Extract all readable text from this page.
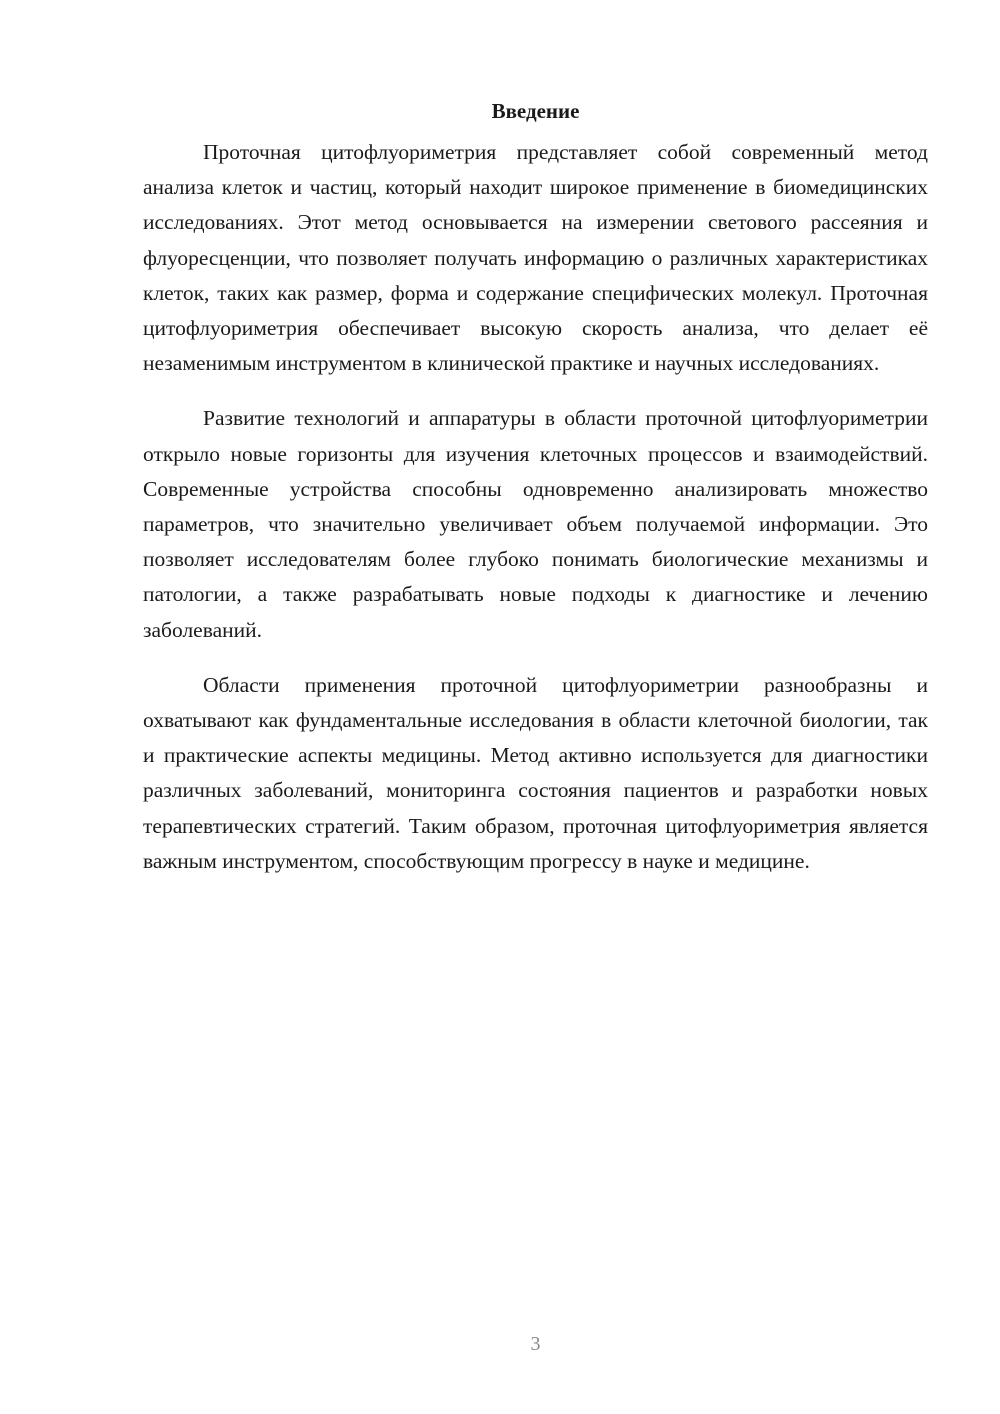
Введение

Проточная цитофлуориметрия представляет собой современный метод анализа клеток и частиц, который находит широкое применение в биомедицинских исследованиях. Этот метод основывается на измерении светового рассеяния и флуоресценции, что позволяет получать информацию о различных характеристиках клеток, таких как размер, форма и содержание специфических молекул. Проточная цитофлуориметрия обеспечивает высокую скорость анализа, что делает её незаменимым инструментом в клинической практике и научных исследованиях.

Развитие технологий и аппаратуры в области проточной цитофлуориметрии открыло новые горизонты для изучения клеточных процессов и взаимодействий. Современные устройства способны одновременно анализировать множество параметров, что значительно увеличивает объем получаемой информации. Это позволяет исследователям более глубоко понимать биологические механизмы и патологии, а также разрабатывать новые подходы к диагностике и лечению заболеваний.

Области применения проточной цитофлуориметрии разнообразны и охватывают как фундаментальные исследования в области клеточной биологии, так и практические аспекты медицины. Метод активно используется для диагностики различных заболеваний, мониторинга состояния пациентов и разработки новых терапевтических стратегий. Таким образом, проточная цитофлуориметрия является важным инструментом, способствующим прогрессу в науке и медицине.

3
